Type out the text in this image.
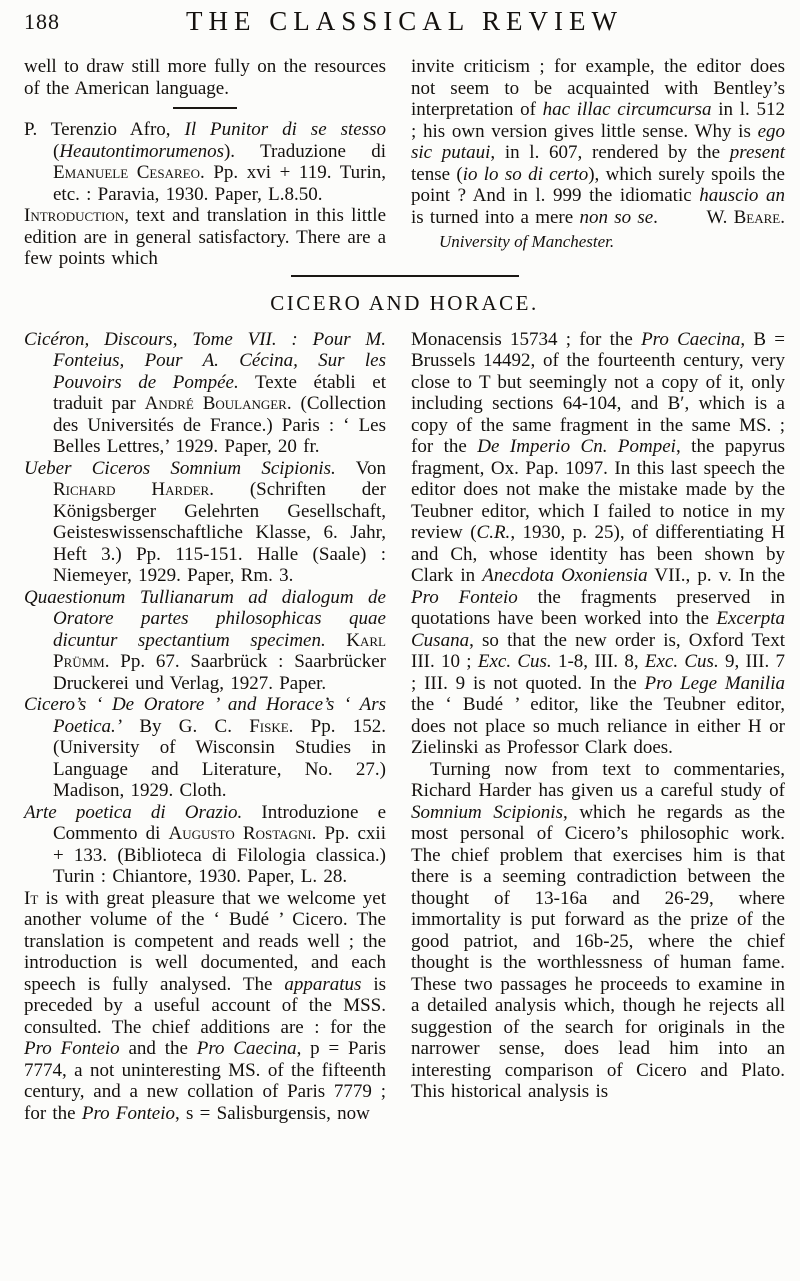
188	THE CLASSICAL REVIEW

well to draw still more fully on the resources of the American language.

P. Terenzio Afro, Il Punitor di se stesso (Heautontimorumenos). Traduzione di Emanuele Cesareo. Pp. xvi + 119. Turin, etc. : Paravia, 1930. Paper, L.8.50.

Introduction, text and translation in this little edition are in general satisfactory. There are a few points which

invite criticism ; for example, the editor does not seem to be acquainted with Bentley’s interpretation of hac illac circumcursa in l. 512 ; his own version gives little sense. Why is ego sic putaui, in l. 607, rendered by the present tense (io lo so di certo), which surely spoils the point ? And in l. 999 the idiomatic hauscio an is turned into a mere non so se.	W. Beare.

University of Manchester.

CICERO AND HORACE.

Cicéron, Discours, Tome VII. : Pour M. Fonteius, Pour A. Cécina, Sur les Pouvoirs de Pompée. Texte établi et traduit par André Boulanger. (Collection des Universités de France.) Paris : ‘ Les Belles Lettres,’ 1929. Paper, 20 fr.

Ueber Ciceros Somnium Scipionis. Von Richard Harder. (Schriften der Königsberger Gelehrten Gesellschaft, Geisteswissenschaftliche Klasse, 6. Jahr, Heft 3.) Pp. 115-151. Halle (Saale) : Niemeyer, 1929. Paper, Rm. 3.

Quaestionum Tullianarum ad dialogum de Oratore partes philosophicas quae dicuntur spectantium specimen. Karl Prümm. Pp. 67. Saarbrück : Saarbrücker Druckerei und Verlag, 1927. Paper.

Cicero’s ‘ De Oratore ’ and Horace’s ‘ Ars Poetica.’ By G. C. Fiske. Pp. 152. (University of Wisconsin Studies in Language and Literature, No. 27.) Madison, 1929. Cloth.

Arte poetica di Orazio. Introduzione e Commento di Augusto Rostagni. Pp. cxii + 133. (Biblioteca di Filologia classica.) Turin : Chiantore, 1930. Paper, L. 28.

It is with great pleasure that we welcome yet another volume of the ‘ Budé ’ Cicero. The translation is competent and reads well ; the introduction is well documented, and each speech is fully analysed. The apparatus is preceded by a useful account of the MSS. consulted. The chief additions are : for the Pro Fonteio and the Pro Caecina, p = Paris 7774, a not uninteresting MS. of the fifteenth century, and a new collation of Paris 7779 ; for the Pro Fonteio, s = Salisburgensis, now

Monacensis 15734 ; for the Pro Caecina, B = Brussels 14492, of the fourteenth century, very close to T but seemingly not a copy of it, only including sections 64-104, and B′, which is a copy of the same fragment in the same MS. ; for the De Imperio Cn. Pompei, the papyrus fragment, Ox. Pap. 1097. In this last speech the editor does not make the mistake made by the Teubner editor, which I failed to notice in my review (C.R., 1930, p. 25), of differentiating H and Ch, whose identity has been shown by Clark in Anecdota Oxoniensia VII., p. v. In the Pro Fonteio the fragments preserved in quotations have been worked into the Excerpta Cusana, so that the new order is, Oxford Text III. 10 ; Exc. Cus. 1-8, III. 8, Exc. Cus. 9, III. 7 ; III. 9 is not quoted. In the Pro Lege Manilia the ‘ Budé ’ editor, like the Teubner editor, does not place so much reliance in either H or Zielinski as Professor Clark does.

Turning now from text to commentaries, Richard Harder has given us a careful study of Somnium Scipionis, which he regards as the most personal of Cicero’s philosophic work. The chief problem that exercises him is that there is a seeming contradiction between the thought of 13-16a and 26-29, where immortality is put forward as the prize of the good patriot, and 16b-25, where the chief thought is the worthlessness of human fame. These two passages he proceeds to examine in a detailed analysis which, though he rejects all suggestion of the search for originals in the narrower sense, does lead him into an interesting comparison of Cicero and Plato. This historical analysis is
